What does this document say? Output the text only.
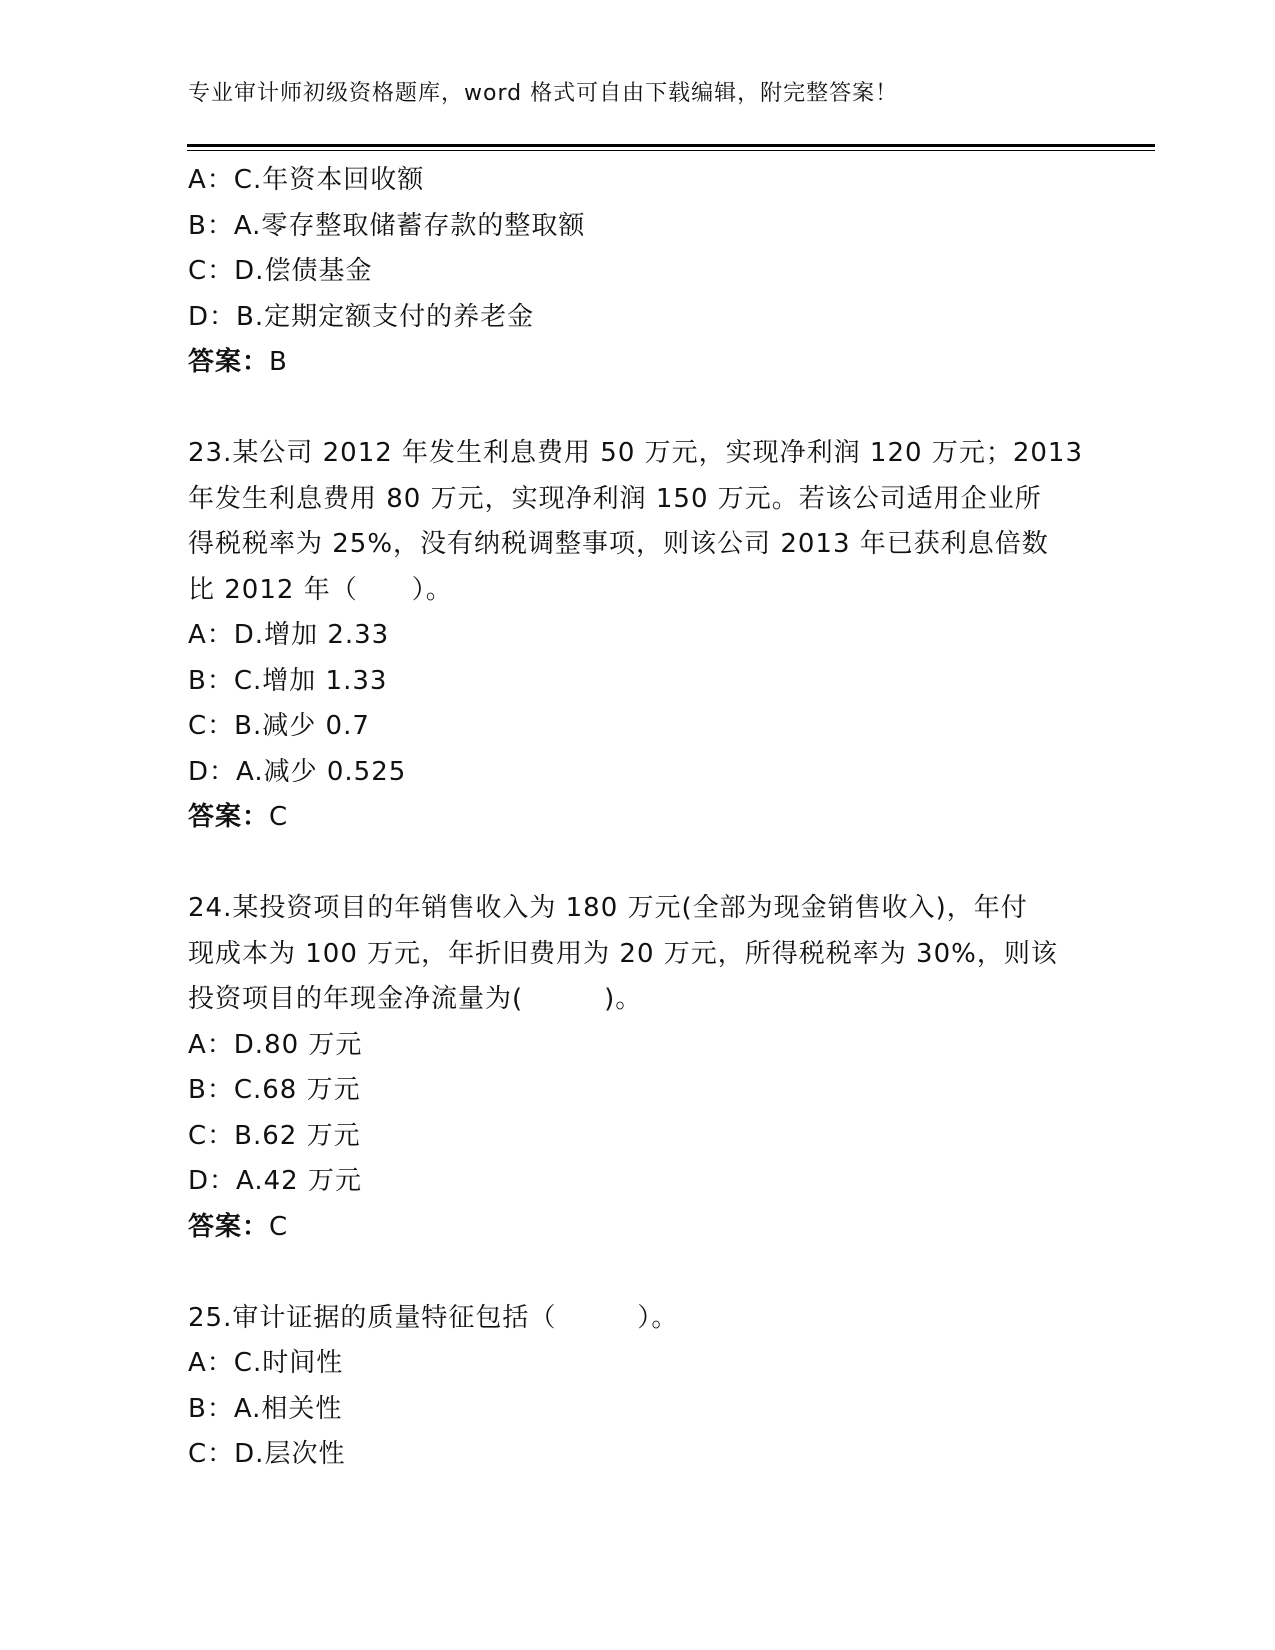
专业审计师初级资格题库，word 格式可自由下载编辑，附完整答案！

A：C.年资本回收额

B：A.零存整取储蓄存款的整取额

C：D.偿债基金

D：B.定期定额支付的养老金

答案：B

23.某公司 2012 年发生利息费用 50 万元，实现净利润 120 万元；2013

年发生利息费用 80 万元，实现净利润 150 万元。若该公司适用企业所

得税税率为 25%，没有纳税调整事项，则该公司 2013 年已获利息倍数

比 2012 年（　　）。

A：D.增加 2.33

B：C.增加 1.33

C：B.减少 0.7

D：A.减少 0.525

答案：C

24.某投资项目的年销售收入为 180 万元(全部为现金销售收入)，年付

现成本为 100 万元，年折旧费用为 20 万元，所得税税率为 30%，则该

投资项目的年现金净流量为(　　　)。

A：D.80 万元

B：C.68 万元

C：B.62 万元

D：A.42 万元

答案：C

25.审计证据的质量特征包括（　　　）。

A：C.时间性

B：A.相关性

C：D.层次性
